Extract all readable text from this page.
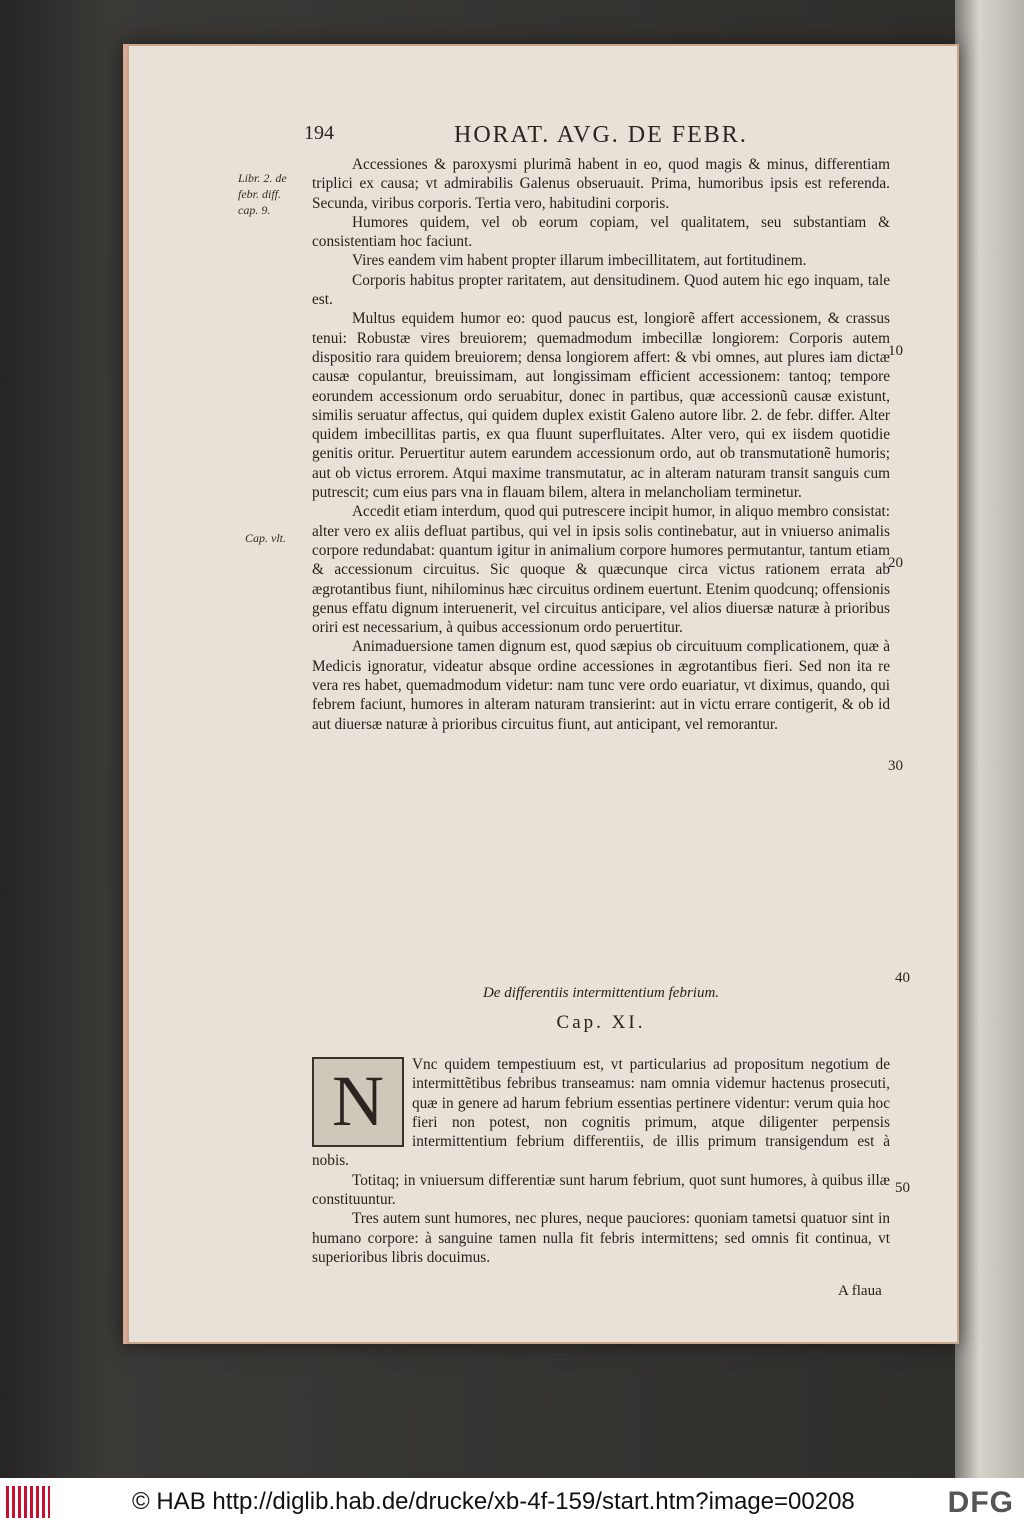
194	HORAT. AVG. DE FEBR.
Libr. 2. de febr. diff. cap. 9.
Cap. vlt.
10
20
30
40
50

Accessiones & paroxysmi plurimã habent in eo, quod magis & minus, differentiam triplici ex causa; vt admirabilis Galenus obseruauit. Prima, humoribus ipsis est referenda. Secunda, viribus corporis. Tertia vero, habitudini corporis.

Humores quidem, vel ob eorum copiam, vel qualitatem, seu substantiam & consistentiam hoc faciunt.

Vires eandem vim habent propter illarum imbecillitatem, aut fortitudinem.

Corporis habitus propter raritatem, aut densitudinem. Quod autem hic ego inquam, tale est.

Multus equidem humor eo: quod paucus est, longiorẽ affert accessionem, & crassus tenui: Robustæ vires breuiorem; quemadmodum imbecillæ longiorem: Corporis autem dispositio rara quidem breuiorem; densa longiorem affert: & vbi omnes, aut plures iam dictæ causæ copulantur, breuissimam, aut longissimam efficient accessionem: tantoq; tempore eorundem accessionum ordo seruabitur, donec in partibus, quæ accessionũ causæ existunt, similis seruatur affectus, qui quidem duplex existit Galeno autore libr. 2. de febr. differ. Alter quidem imbecillitas partis, ex qua fluunt superfluitates. Alter vero, qui ex iisdem quotidie genitis oritur. Peruertitur autem earundem accessionum ordo, aut ob transmutationẽ humoris; aut ob victus errorem. Atqui maxime transmutatur, ac in alteram naturam transit sanguis cum putrescit; cum eius pars vna in flauam bilem, altera in melancholiam terminetur.

Accedit etiam interdum, quod qui putrescere incipit humor, in aliquo membro consistat: alter vero ex aliis defluat partibus, qui vel in ipsis solis continebatur, aut in vniuerso animalis corpore redundabat: quantum igitur in animalium corpore humores permutantur, tantum etiam & accessionum circuitus. Sic quoque & quæcunque circa victus rationem errata ab ægrotantibus fiunt, nihilominus hæc circuitus ordinem euertunt. Etenim quodcunq; offensionis genus effatu dignum interuenerit, vel circuitus anticipare, vel alios diuersæ naturæ à prioribus oriri est necessarium, à quibus accessionum ordo peruertitur.

Animaduersione tamen dignum est, quod sæpius ob circuituum complicationem, quæ à Medicis ignoratur, videatur absque ordine accessiones in ægrotantibus fieri. Sed non ita re vera res habet, quemadmodum videtur: nam tunc vere ordo euariatur, vt diximus, quando, qui febrem faciunt, humores in alteram naturam transierint: aut in victu errare contigerit, & ob id aut diuersæ naturæ à prioribus circuitus fiunt, aut anticipant, vel remorantur.

De differentiis intermittentium febrium.
Cap. XI.
N	Vnc quidem tempestiuum est, vt particularius ad propositum negotium de intermittẽtibus febribus transeamus: nam omnia videmur hactenus prosecuti, quæ in genere ad harum febrium essentias pertinere videntur: verum quia hoc fieri non potest, non cognitis primum, atque diligenter perpensis intermittentium febrium differentiis, de illis primum transigendum est à nobis.

Totitaq; in vniuersum differentiæ sunt harum febrium, quot sunt humores, à quibus illæ constituuntur.

Tres autem sunt humores, nec plures, neque pauciores: quoniam tametsi quatuor sint in humano corpore: à sanguine tamen nulla fit febris intermittens; sed omnis fit continua, vt superioribus libris docuimus.

A flaua
© HAB http://diglib.hab.de/drucke/xb-4f-159/start.htm?image=00208	DFG
